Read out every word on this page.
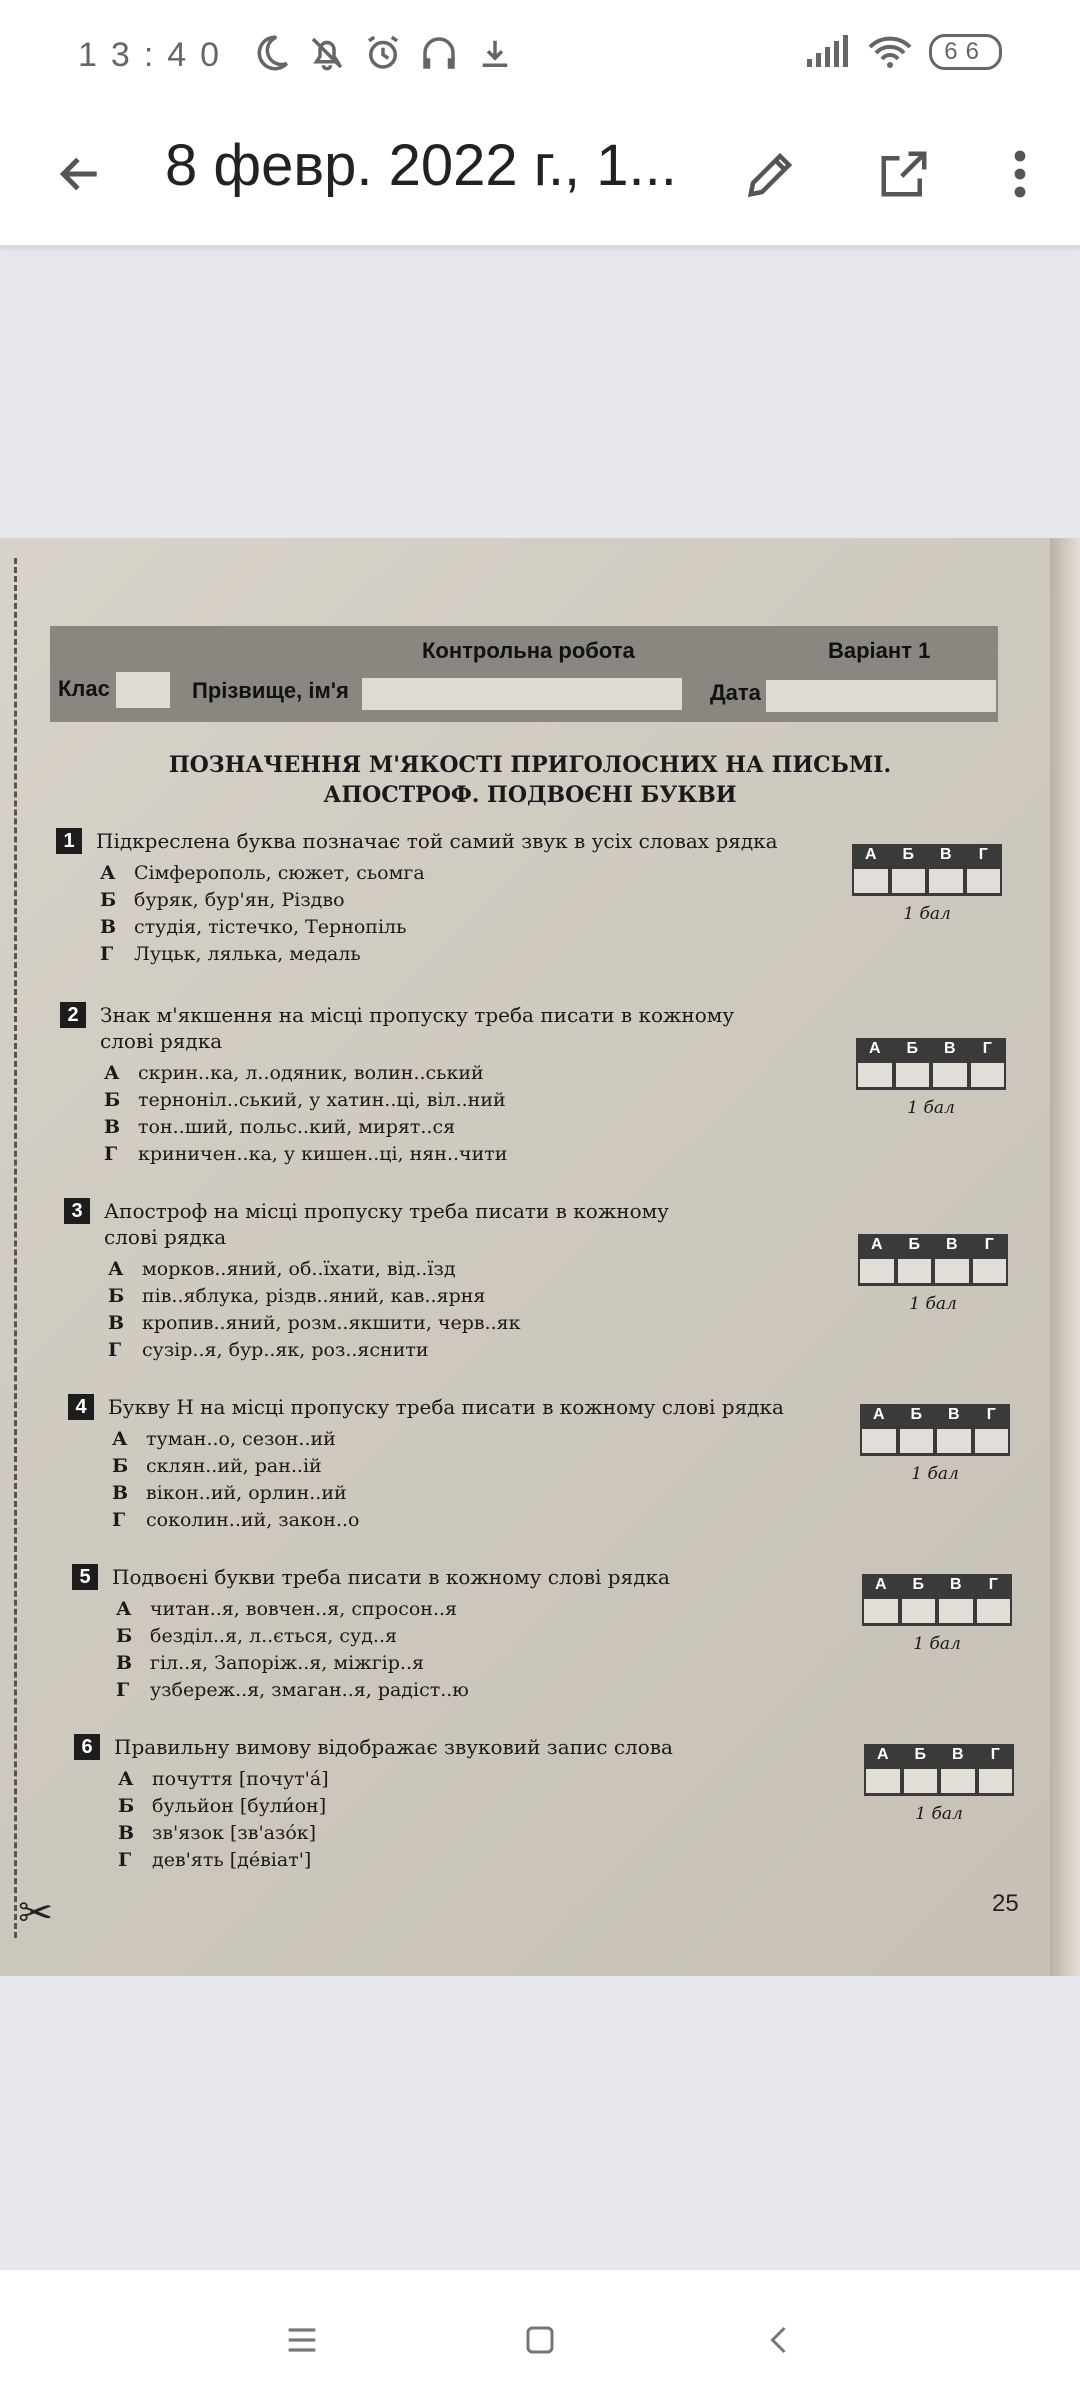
13:40	66
8 февр. 2022 г., 1...
✂
Контрольна робота	Варіант 1
Клас	Прізвище, ім'я	Дата
ПОЗНАЧЕННЯ М'ЯКОСТІ ПРИГОЛОСНИХ НА ПИСЬМІ.
АПОСТРОФ. ПОДВОЄНІ БУКВИ
1 Підкреслена буква позначає той самий звук в усіх словах рядка
А Сімферополь, сюжет, сьомга
Б буряк, бур'ян, Різдво
В студія, тістечко, Тернопіль
Г Луцьк, лялька, медаль
А	Б	В	Г
1 бал
2 Знак м'якшення на місці пропуску треба писати в кожному слові рядка
А скрин..ка, л..одяник, волин..ський
Б терноніл..ський, у хатин..ці, віл..ний
В тон..ший, польс..кий, мирят..ся
Г криничен..ка, у кишен..ці, нян..чити
А	Б	В	Г
1 бал
3 Апостроф на місці пропуску треба писати в кожному слові рядка
А морков..яний, об..їхати, від..їзд
Б пів..яблука, різдв..яний, кав..ярня
В кропив..яний, розм..якшити, черв..як
Г сузір..я, бур..як, роз..яснити
А	Б	В	Г
1 бал
4 Букву Н на місці пропуску треба писати в кожному слові рядка
А туман..о, сезон..ий
Б склян..ий, ран..ій
В вікон..ий, орлин..ий
Г соколин..ий, закон..о
А	Б	В	Г
1 бал
5 Подвоєні букви треба писати в кожному слові рядка
А читан..я, вовчен..я, спросон..я
Б безділ..я, л..ється, суд..я
В гіл..я, Запоріж..я, міжгір..я
Г узбереж..я, змаган..я, радіст..ю
А	Б	В	Г
1 бал
6 Правильну вимову відображає звуковий запис слова
А почуття [почут'а́]
Б бульйон [були́он]
В зв'язок [зв'азо́к]
Г дев'ять [де́віат']
А	Б	В	Г
1 бал
25
